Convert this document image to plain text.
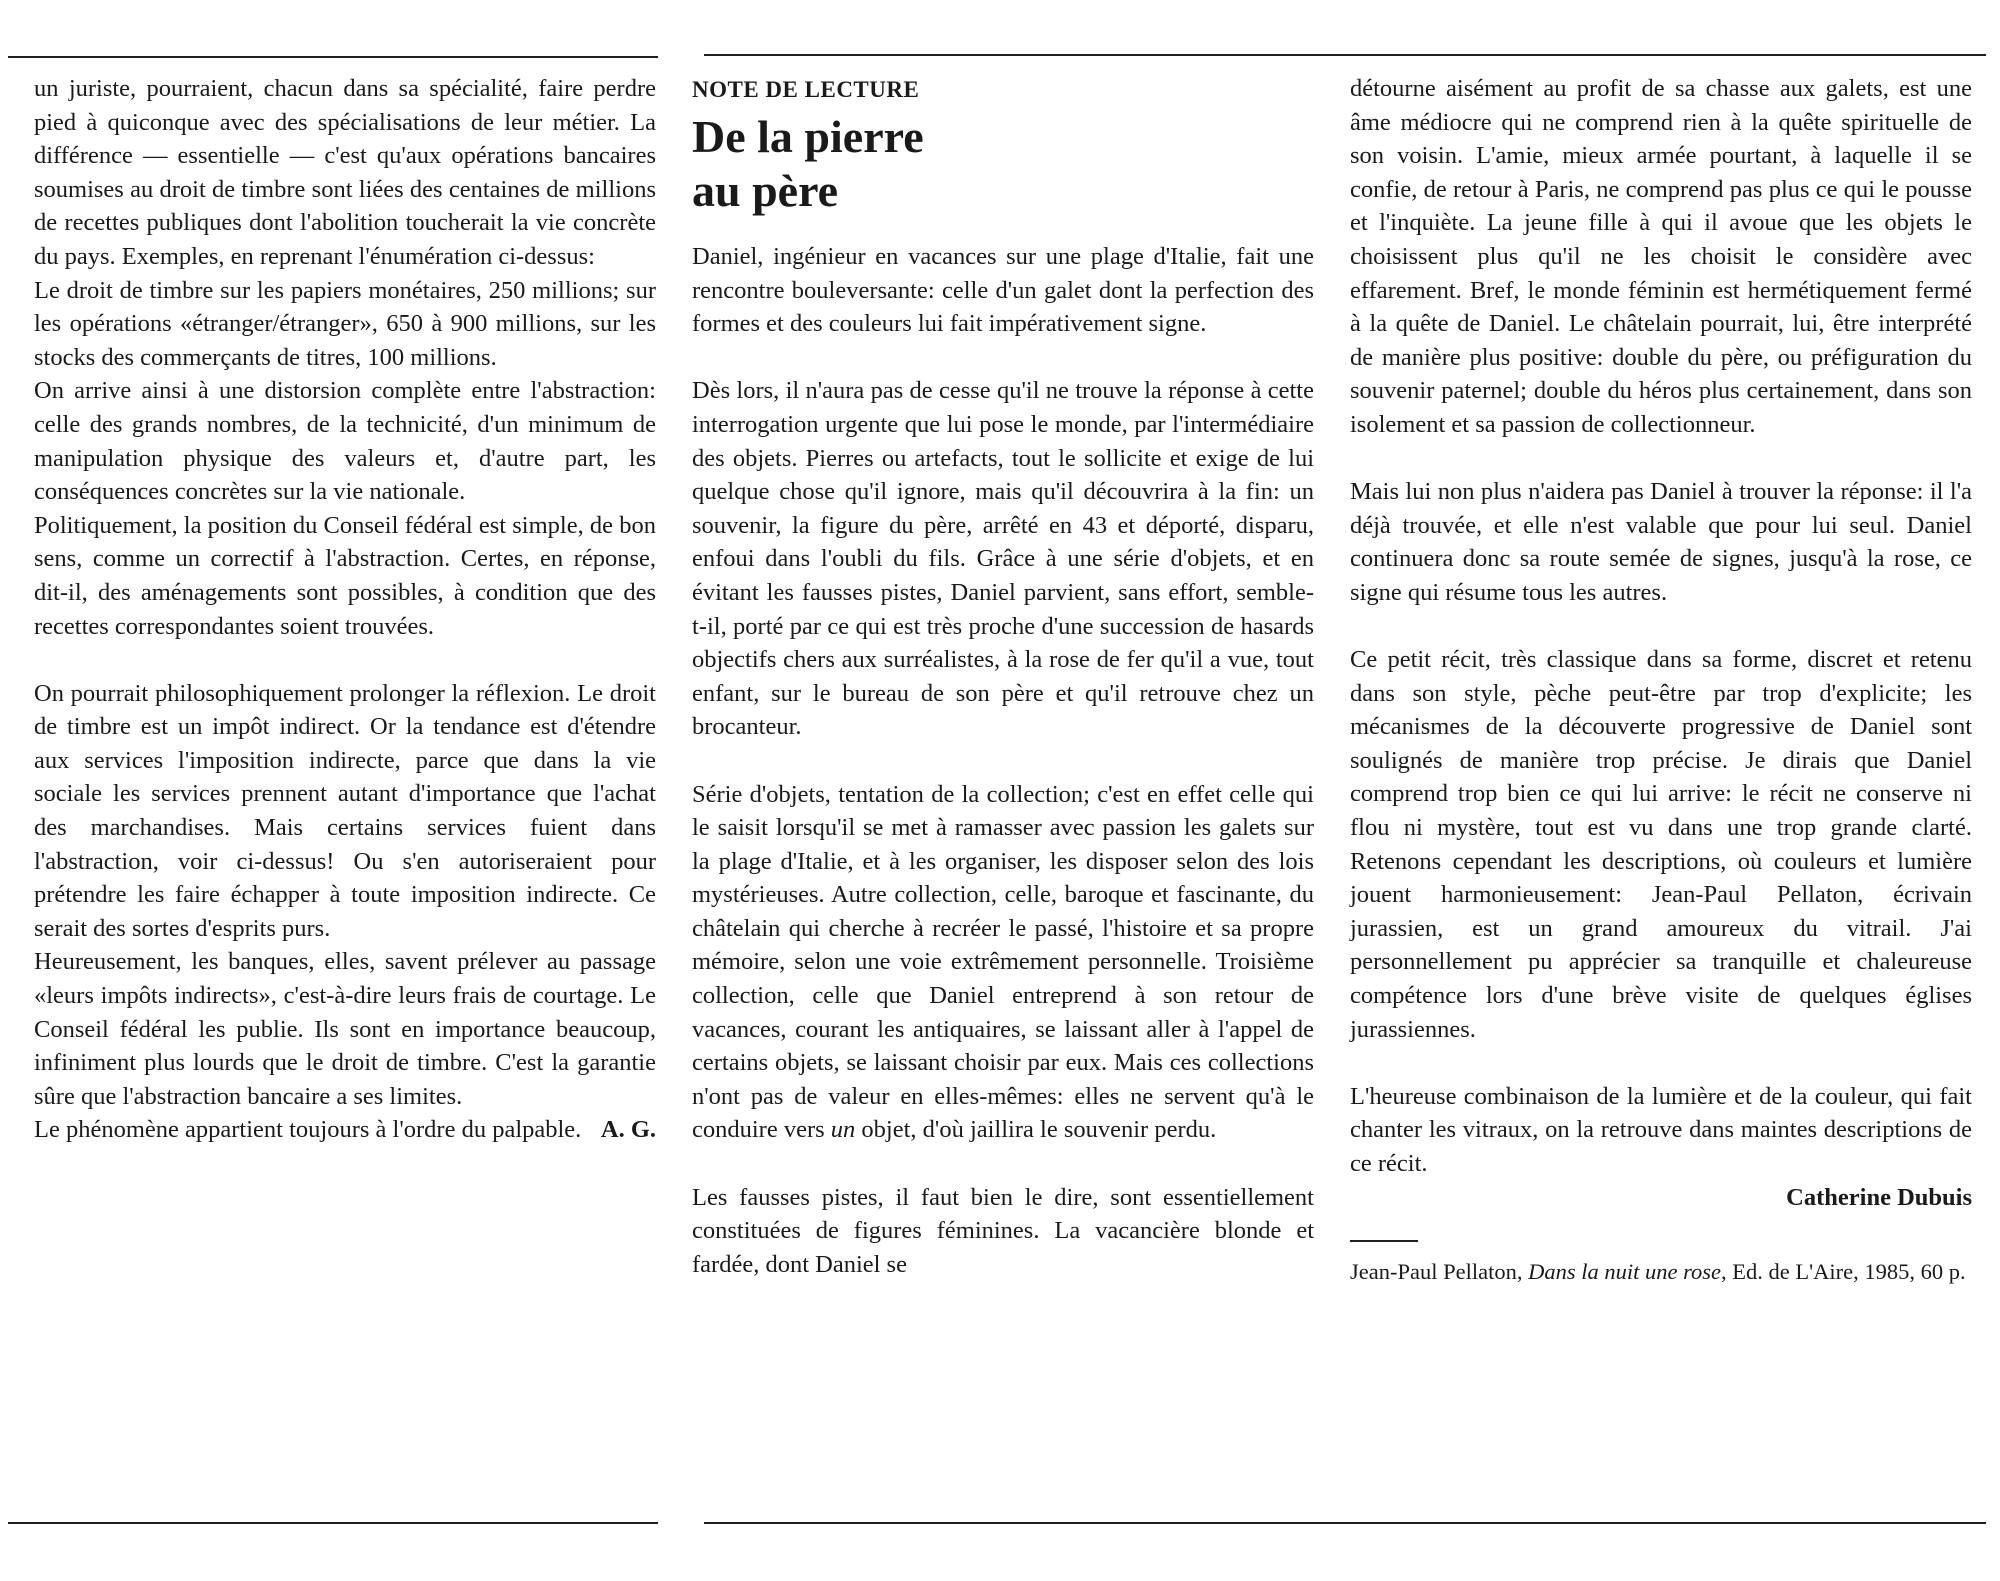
un juriste, pourraient, chacun dans sa spécialité, faire perdre pied à quiconque avec des spécialisations de leur métier. La différence — essentielle — c'est qu'aux opérations bancaires soumises au droit de timbre sont liées des centaines de millions de recettes publiques dont l'abolition toucherait la vie concrète du pays. Exemples, en reprenant l'énumération ci-dessus:

Le droit de timbre sur les papiers monétaires, 250 millions; sur les opérations «étranger/étranger», 650 à 900 millions, sur les stocks des commerçants de titres, 100 millions.

On arrive ainsi à une distorsion complète entre l'abstraction: celle des grands nombres, de la technicité, d'un minimum de manipulation physique des valeurs et, d'autre part, les conséquences concrètes sur la vie nationale.

Politiquement, la position du Conseil fédéral est simple, de bon sens, comme un correctif à l'abstraction. Certes, en réponse, dit-il, des aménagements sont possibles, à condition que des recettes correspondantes soient trouvées.

On pourrait philosophiquement prolonger la réflexion. Le droit de timbre est un impôt indirect. Or la tendance est d'étendre aux services l'imposition indirecte, parce que dans la vie sociale les services prennent autant d'importance que l'achat des marchandises. Mais certains services fuient dans l'abstraction, voir ci-dessus! Ou s'en autoriseraient pour prétendre les faire échapper à toute imposition indirecte. Ce serait des sortes d'esprits purs.

Heureusement, les banques, elles, savent prélever au passage «leurs impôts indirects», c'est-à-dire leurs frais de courtage. Le Conseil fédéral les publie. Ils sont en importance beaucoup, infiniment plus lourds que le droit de timbre. C'est la garantie sûre que l'abstraction bancaire a ses limites.

A. G.
Le phénomène appartient toujours à l'ordre du palpable.

NOTE DE LECTURE
De la pierre
au père

Daniel, ingénieur en vacances sur une plage d'Italie, fait une rencontre bouleversante: celle d'un galet dont la perfection des formes et des couleurs lui fait impérativement signe.

Dès lors, il n'aura pas de cesse qu'il ne trouve la réponse à cette interrogation urgente que lui pose le monde, par l'intermédiaire des objets. Pierres ou artefacts, tout le sollicite et exige de lui quelque chose qu'il ignore, mais qu'il découvrira à la fin: un souvenir, la figure du père, arrêté en 43 et déporté, disparu, enfoui dans l'oubli du fils. Grâce à une série d'objets, et en évitant les fausses pistes, Daniel parvient, sans effort, semble-t-il, porté par ce qui est très proche d'une succession de hasards objectifs chers aux surréalistes, à la rose de fer qu'il a vue, tout enfant, sur le bureau de son père et qu'il retrouve chez un brocanteur.

Série d'objets, tentation de la collection; c'est en effet celle qui le saisit lorsqu'il se met à ramasser avec passion les galets sur la plage d'Italie, et à les organiser, les disposer selon des lois mystérieuses. Autre collection, celle, baroque et fascinante, du châtelain qui cherche à recréer le passé, l'histoire et sa propre mémoire, selon une voie extrêmement personnelle. Troisième collection, celle que Daniel entreprend à son retour de vacances, courant les antiquaires, se laissant aller à l'appel de certains objets, se laissant choisir par eux. Mais ces collections n'ont pas de valeur en elles-mêmes: elles ne servent qu'à le conduire vers un objet, d'où jaillira le souvenir perdu.

Les fausses pistes, il faut bien le dire, sont essentiellement constituées de figures féminines. La vacancière blonde et fardée, dont Daniel se

détourne aisément au profit de sa chasse aux galets, est une âme médiocre qui ne comprend rien à la quête spirituelle de son voisin. L'amie, mieux armée pourtant, à laquelle il se confie, de retour à Paris, ne comprend pas plus ce qui le pousse et l'inquiète. La jeune fille à qui il avoue que les objets le choisissent plus qu'il ne les choisit le considère avec effarement. Bref, le monde féminin est hermétiquement fermé à la quête de Daniel. Le châtelain pourrait, lui, être interprété de manière plus positive: double du père, ou préfiguration du souvenir paternel; double du héros plus certainement, dans son isolement et sa passion de collectionneur.

Mais lui non plus n'aidera pas Daniel à trouver la réponse: il l'a déjà trouvée, et elle n'est valable que pour lui seul. Daniel continuera donc sa route semée de signes, jusqu'à la rose, ce signe qui résume tous les autres.

Ce petit récit, très classique dans sa forme, discret et retenu dans son style, pèche peut-être par trop d'explicite; les mécanismes de la découverte progressive de Daniel sont soulignés de manière trop précise. Je dirais que Daniel comprend trop bien ce qui lui arrive: le récit ne conserve ni flou ni mystère, tout est vu dans une trop grande clarté. Retenons cependant les descriptions, où couleurs et lumière jouent harmonieusement: Jean-Paul Pellaton, écrivain jurassien, est un grand amoureux du vitrail. J'ai personnellement pu apprécier sa tranquille et chaleureuse compétence lors d'une brève visite de quelques églises jurassiennes.

L'heureuse combinaison de la lumière et de la couleur, qui fait chanter les vitraux, on la retrouve dans maintes descriptions de ce récit.

Catherine Dubuis
Jean-Paul Pellaton, Dans la nuit une rose, Ed. de L'Aire, 1985, 60 p.
